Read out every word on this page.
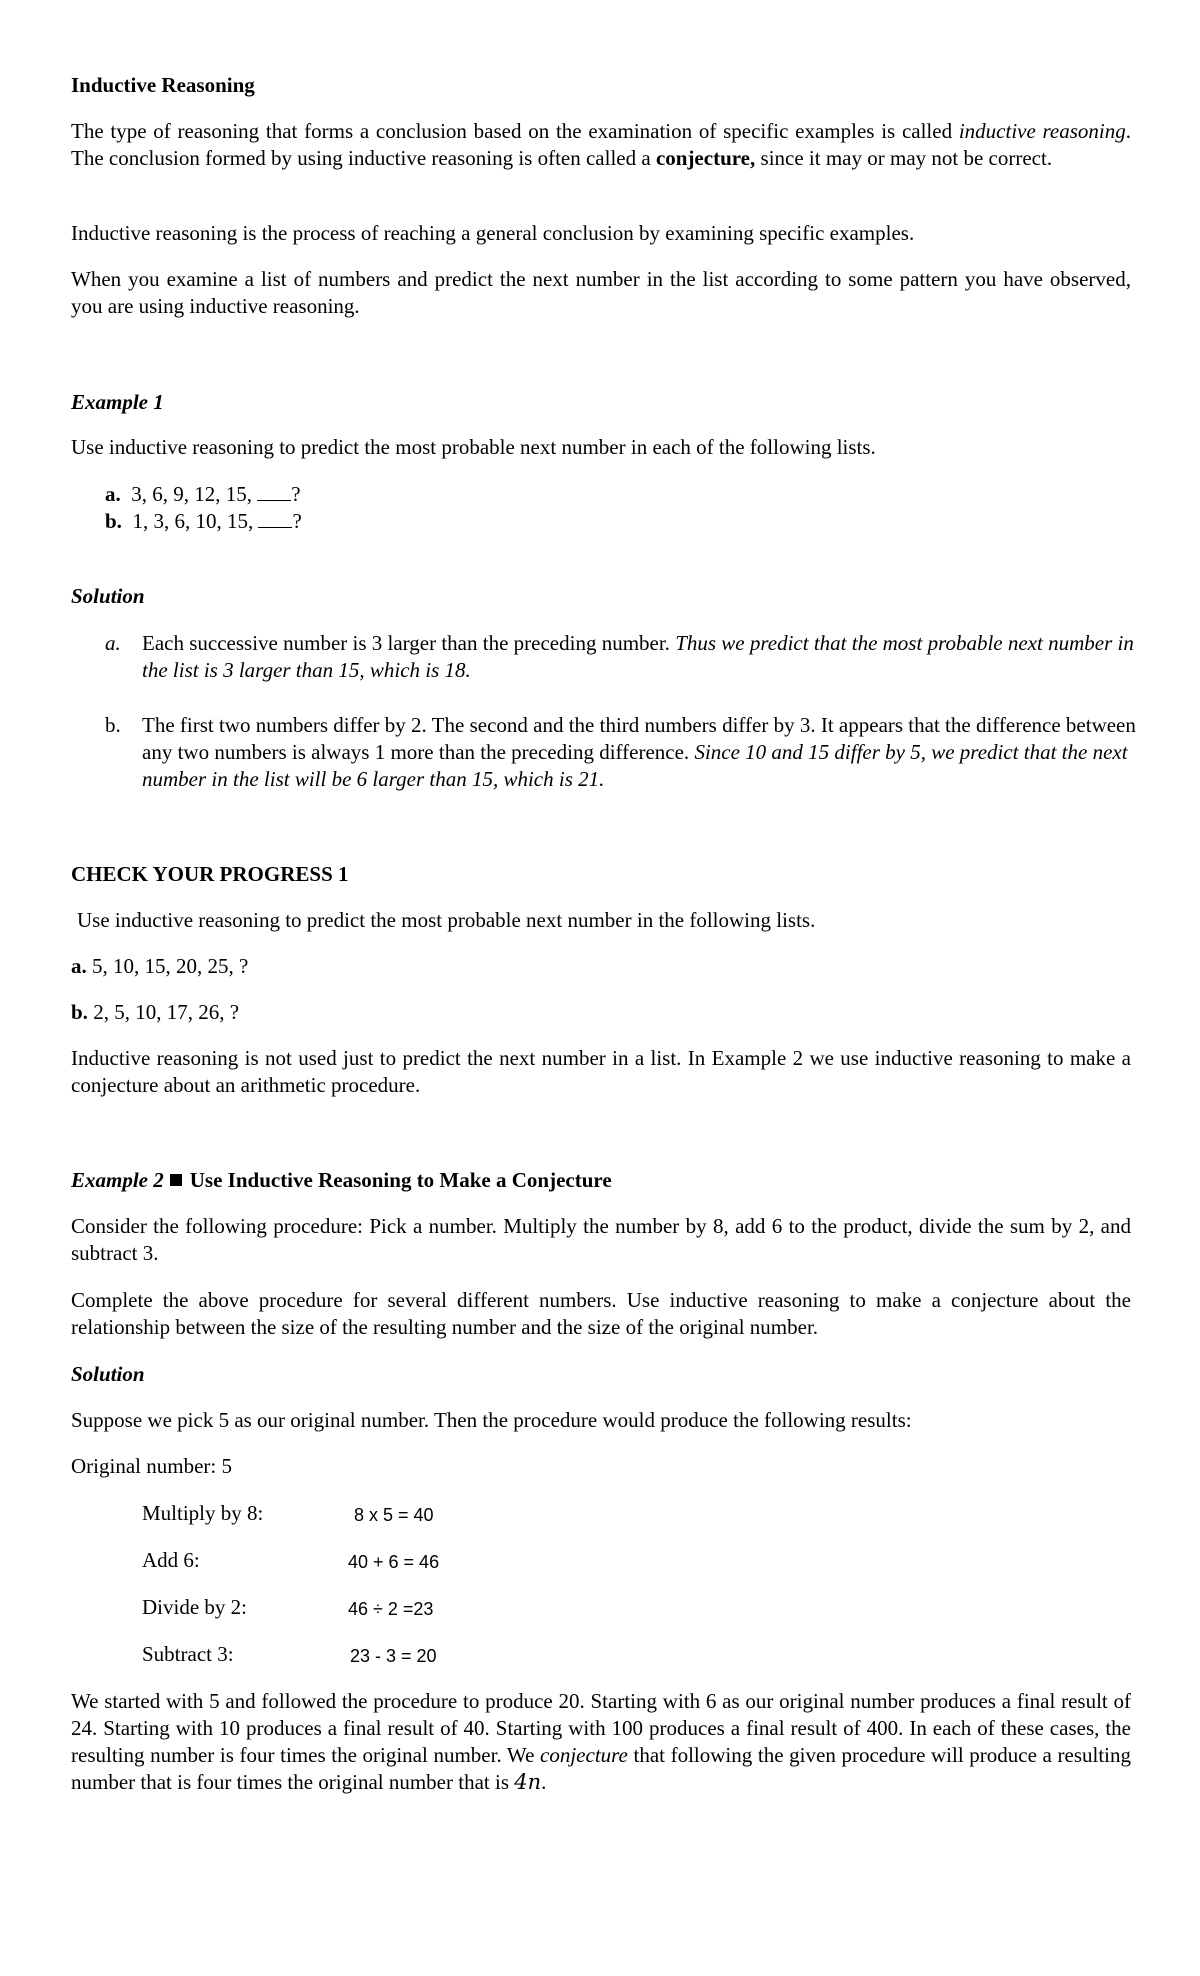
Inductive Reasoning
The type of reasoning that forms a conclusion based on the examination of specific examples is called inductive reasoning. The conclusion formed by using inductive reasoning is often called a conjecture, since it may or may not be correct.
Inductive reasoning is the process of reaching a general conclusion by examining specific examples.
When you examine a list of numbers and predict the next number in the list according to some pattern you have observed, you are using inductive reasoning.
Example 1
Use inductive reasoning to predict the most probable next number in each of the following lists.
a. 3, 6, 9, 12, 15, ?
b. 1, 3, 6, 10, 15, ?
Solution
a. Each successive number is 3 larger than the preceding number. Thus we predict that the most probable next number in the list is 3 larger than 15, which is 18.
b. The first two numbers differ by 2. The second and the third numbers differ by 3. It appears that the difference between any two numbers is always 1 more than the preceding difference. Since 10 and 15 differ by 5, we predict that the next number in the list will be 6 larger than 15, which is 21.
CHECK YOUR PROGRESS 1
Use inductive reasoning to predict the most probable next number in the following lists.
a. 5, 10, 15, 20, 25, ?
b. 2, 5, 10, 17, 26, ?
Inductive reasoning is not used just to predict the next number in a list. In Example 2 we use inductive reasoning to make a conjecture about an arithmetic procedure.
Example 2 Use Inductive Reasoning to Make a Conjecture
Consider the following procedure: Pick a number. Multiply the number by 8, add 6 to the product, divide the sum by 2, and subtract 3.
Complete the above procedure for several different numbers. Use inductive reasoning to make a conjecture about the relationship between the size of the resulting number and the size of the original number.
Solution
Suppose we pick 5 as our original number. Then the procedure would produce the following results:
Original number: 5
Multiply by 8:	8 x 5 = 40
Add 6:	40 + 6 = 46
Divide by 2:	46 ÷ 2 =23
Subtract 3:	23 - 3 = 20
We started with 5 and followed the procedure to produce 20. Starting with 6 as our original number produces a final result of 24. Starting with 10 produces a final result of 40. Starting with 100 produces a final result of 400. In each of these cases, the resulting number is four times the original number. We conjecture that following the given procedure will produce a resulting number that is four times the original number that is 4n.
